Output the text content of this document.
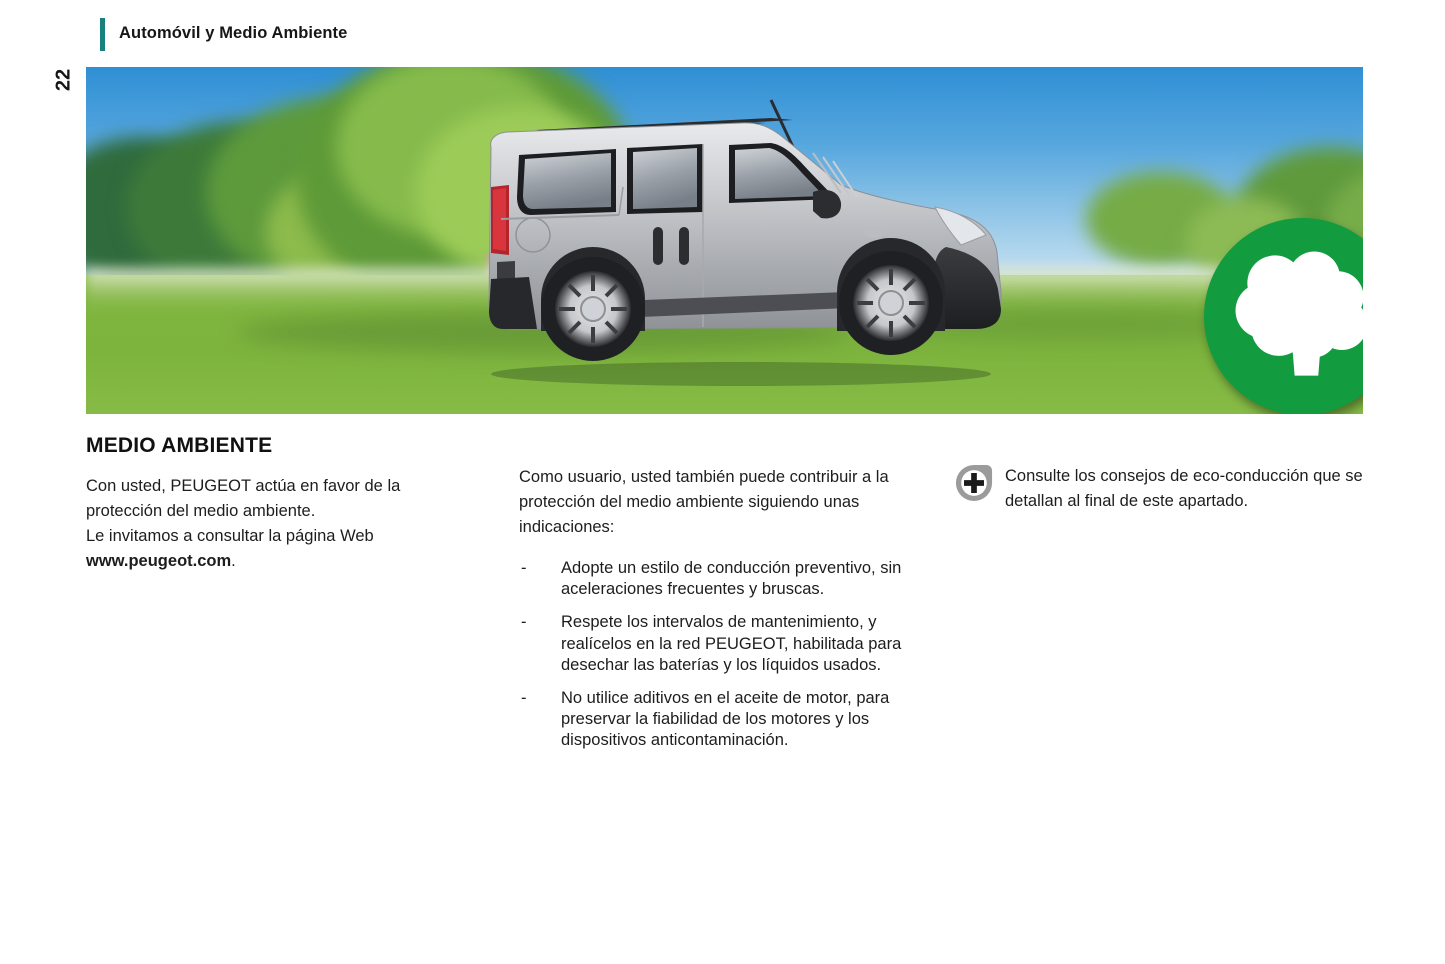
Automóvil y Medio Ambiente
22
MEDIO AMBIENTE

Con usted, PEUGEOT actúa en favor de la
protección del medio ambiente.
Le invitamos a consultar la página Web
www.peugeot.com.

Como usuario, usted también puede contribuir a la protección del medio ambiente siguiendo unas indicaciones:

- Adopte un estilo de conducción preventivo, sin aceleraciones frecuentes y bruscas.
- Respete los intervalos de mantenimiento, y realícelos en la red PEUGEOT, habilitada para desechar las baterías y los líquidos usados.
- No utilice aditivos en el aceite de motor, para preservar la fiabilidad de los motores y los dispositivos anticontaminación.
Consulte los consejos de eco-conducción que se detallan al final de este apartado.
